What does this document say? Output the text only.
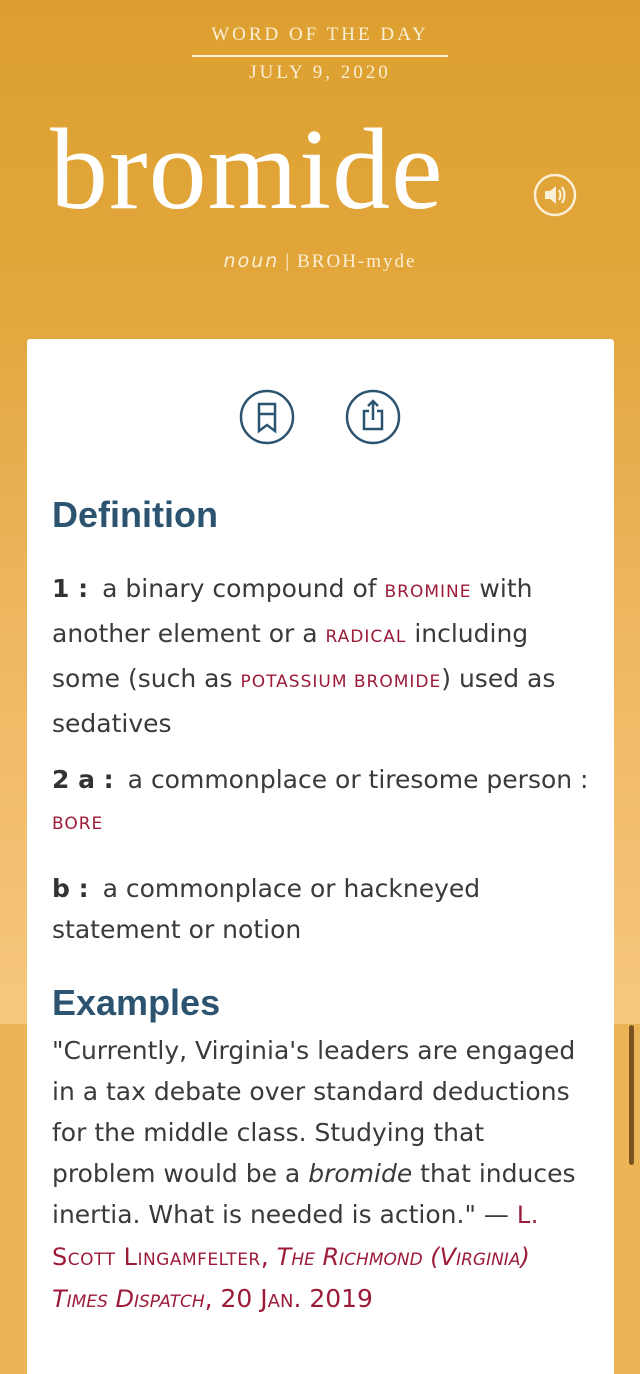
WORD OF THE DAY
JULY 9, 2020
bromide
noun | BROH-myde
Definition
1 : a binary compound of BROMINE with another element or a RADICAL including some (such as POTASSIUM BROMIDE) used as sedatives
2 a : a commonplace or tiresome person : BORE
b : a commonplace or hackneyed statement or notion
Examples
"Currently, Virginia's leaders are engaged in a tax debate over standard deductions for the middle class. Studying that problem would be a bromide that induces inertia. What is needed is action." — L. Scott Lingamfelter, The Richmond (Virginia) Times Dispatch, 20 Jan. 2019
